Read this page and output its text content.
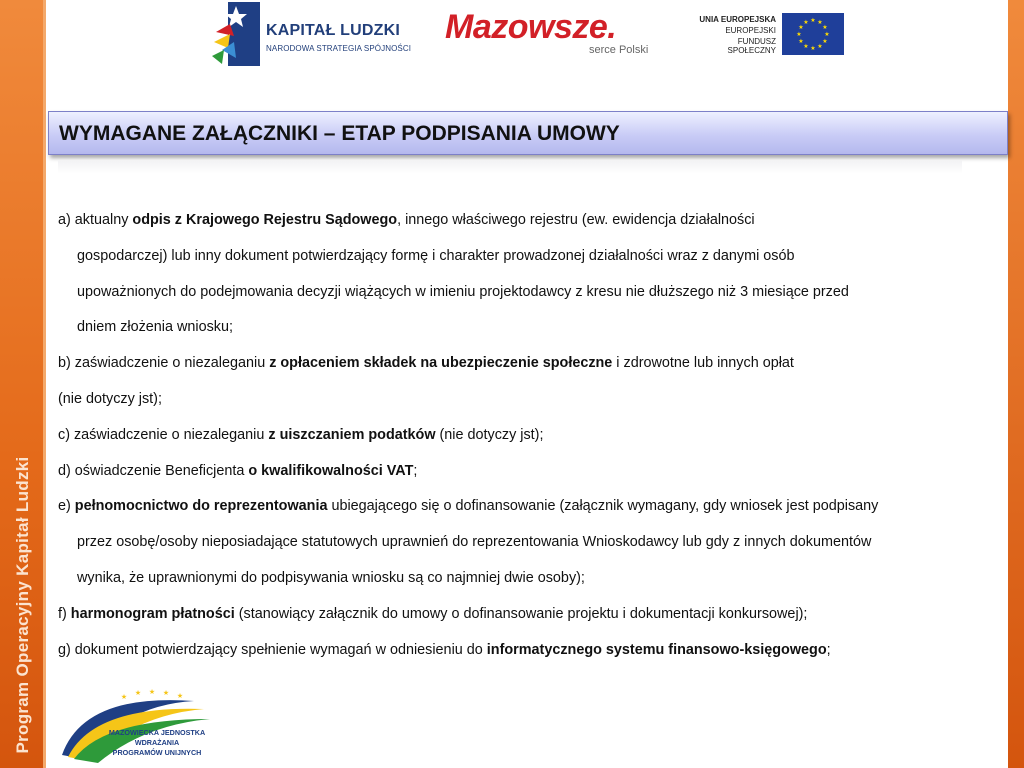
Program Operacyjny Kapitał Ludzki
KAPITAŁ LUDZKI
NARODOWA STRATEGIA SPÓJNOŚCI
Mazowsze.
serce Polski
UNIA EUROPEJSKA
EUROPEJSKI
FUNDUSZ SPOŁECZNY
★ ★
★
★
★
★
★
★
★
★
★
★
WYMAGANE ZAŁĄCZNIKI – ETAP PODPISANIA UMOWY

a) aktualny odpis z Krajowego Rejestru Sądowego, innego właściwego rejestru (ew. ewidencja działalności

gospodarczej) lub inny dokument potwierdzający formę i charakter prowadzonej działalności wraz z danymi osób

upoważnionych do podejmowania decyzji wiążących w imieniu projektodawcy z kresu nie dłuższego niż 3 miesiące przed

dniem złożenia wniosku;

b) zaświadczenie o niezaleganiu z opłaceniem składek na ubezpieczenie społeczne i zdrowotne lub innych opłat

(nie dotyczy jst);

c) zaświadczenie o niezaleganiu z uiszczaniem podatków (nie dotyczy jst);

d) oświadczenie Beneficjenta o kwalifikowalności VAT;

e) pełnomocnictwo do reprezentowania ubiegającego się o dofinansowanie (załącznik wymagany, gdy wniosek jest podpisany

przez osobę/osoby nieposiadające statutowych uprawnień do reprezentowania Wnioskodawcy lub gdy z innych dokumentów

wynika, że uprawnionymi do podpisywania wniosku są co najmniej dwie osoby);

f) harmonogram płatności (stanowiący załącznik do umowy o dofinansowanie projektu i dokumentacji konkursowej);

g) dokument potwierdzający spełnienie wymagań w odniesieniu do informatycznego systemu finansowo-księgowego;

★ ★ ★ ★ ★
MAZOWIECKA JEDNOSTKA
WDRAŻANIA
PROGRAMÓW UNIJNYCH
